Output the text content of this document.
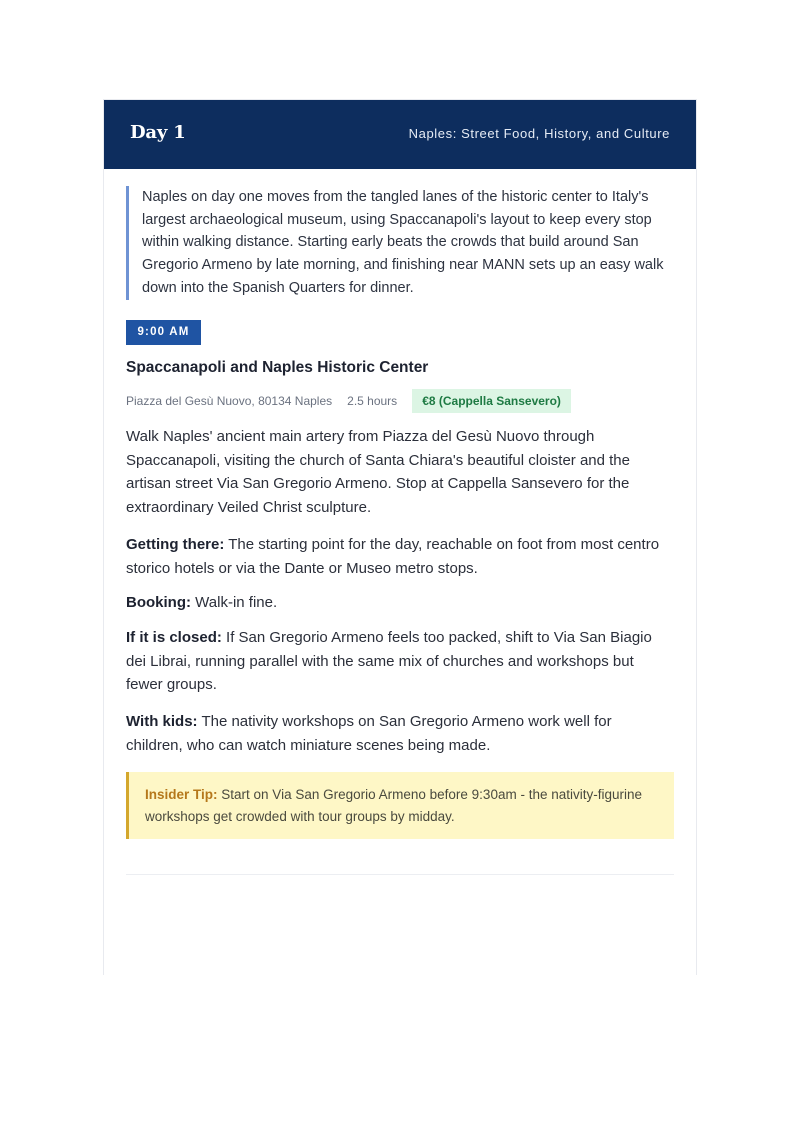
Day 1	Naples: Street Food, History, and Culture
Naples on day one moves from the tangled lanes of the historic center to Italy's largest archaeological museum, using Spaccanapoli's layout to keep every stop within walking distance. Starting early beats the crowds that build around San Gregorio Armeno by late morning, and finishing near MANN sets up an easy walk down into the Spanish Quarters for dinner.
9:00 AM
Spaccanapoli and Naples Historic Center
Piazza del Gesù Nuovo, 80134 Naples 2.5 hours	€8 (Cappella Sansevero)
Walk Naples' ancient main artery from Piazza del Gesù Nuovo through Spaccanapoli, visiting the church of Santa Chiara's beautiful cloister and the artisan street Via San Gregorio Armeno. Stop at Cappella Sansevero for the extraordinary Veiled Christ sculpture.
Getting there: The starting point for the day, reachable on foot from most centro storico hotels or via the Dante or Museo metro stops.
Booking: Walk-in fine.
If it is closed: If San Gregorio Armeno feels too packed, shift to Via San Biagio dei Librai, running parallel with the same mix of churches and workshops but fewer groups.
With kids: The nativity workshops on San Gregorio Armeno work well for children, who can watch miniature scenes being made.
Insider Tip: Start on Via San Gregorio Armeno before 9:30am - the nativity-figurine workshops get crowded with tour groups by midday.
